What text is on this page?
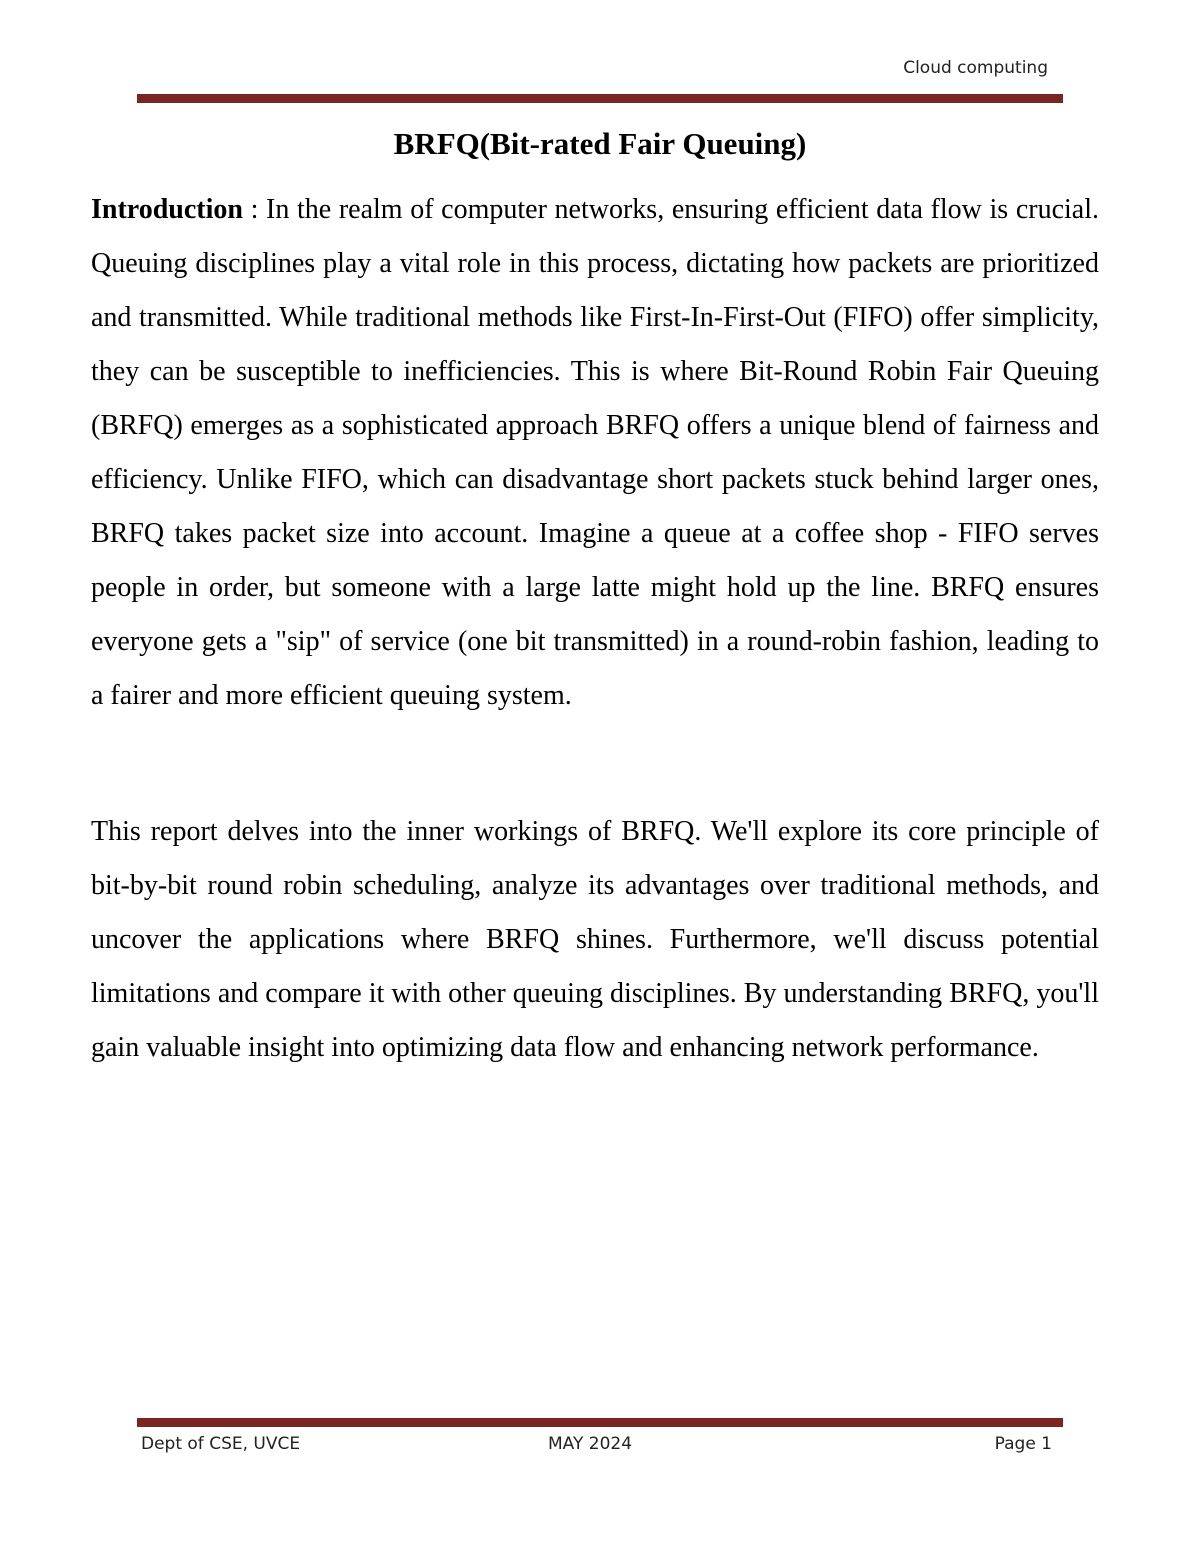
Cloud computing
BRFQ(Bit-rated Fair Queuing)

Introduction : In the realm of computer networks, ensuring efficient data flow is crucial. Queuing disciplines play a vital role in this process, dictating how packets are prioritized and transmitted. While traditional methods like First-In-First-Out (FIFO) offer simplicity, they can be susceptible to inefficiencies. This is where Bit-Round Robin Fair Queuing (BRFQ) emerges as a sophisticated approach BRFQ offers a unique blend of fairness and efficiency. Unlike FIFO, which can disadvantage short packets stuck behind larger ones, BRFQ takes packet size into account. Imagine a queue at a coffee shop - FIFO serves people in order, but someone with a large latte might hold up the line. BRFQ ensures everyone gets a "sip" of service (one bit transmitted) in a round-robin fashion, leading to a fairer and more efficient queuing system.

This report delves into the inner workings of BRFQ. We'll explore its core principle of bit-by-bit round robin scheduling, analyze its advantages over traditional methods, and uncover the applications where BRFQ shines. Furthermore, we'll discuss potential limitations and compare it with other queuing disciplines. By understanding BRFQ, you'll gain valuable insight into optimizing data flow and enhancing network performance.

Dept of CSE, UVCE	MAY 2024	Page 1
